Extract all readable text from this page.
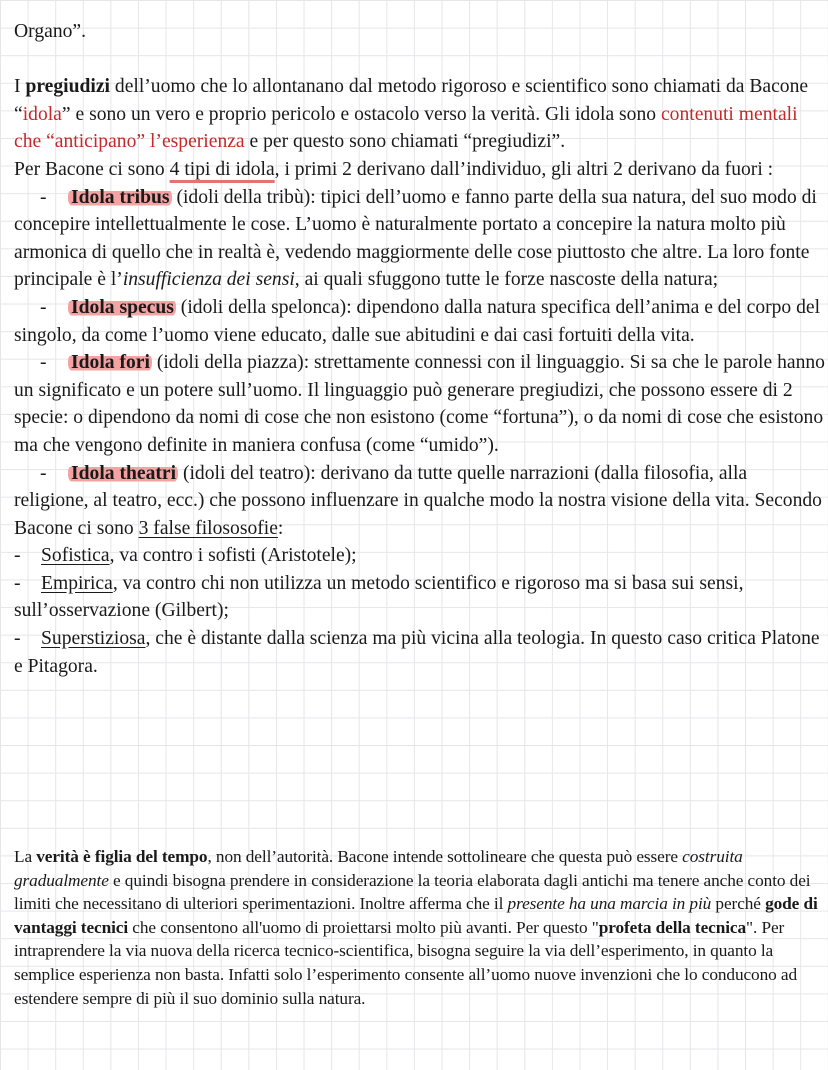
Organo”.

I pregiudizi dell’uomo che lo allontanano dal metodo rigoroso e scientifico sono chiamati da Bacone “idola” e sono un vero e proprio pericolo e ostacolo verso la verità. Gli idola sono contenuti mentali che “anticipano” l’esperienza e per questo sono chiamati “pregiudizi”.

Per Bacone ci sono 4 tipi di idola, i primi 2 derivano dall’individuo, gli altri 2 derivano da fuori :

- Idola tribus (idoli della tribù): tipici dell’uomo e fanno parte della sua natura, del suo modo di concepire intellettualmente le cose. L’uomo è naturalmente portato a concepire la natura molto più armonica di quello che in realtà è, vedendo maggiormente delle cose piuttosto che altre. La loro fonte principale è l’insufficienza dei sensi, ai quali sfuggono tutte le forze nascoste della natura;

- Idola specus (idoli della spelonca): dipendono dalla natura specifica dell’anima e del corpo del singolo, da come l’uomo viene educato, dalle sue abitudini e dai casi fortuiti della vita.

- Idola fori (idoli della piazza): strettamente connessi con il linguaggio. Si sa che le parole hanno un significato e un potere sull’uomo. Il linguaggio può generare pregiudizi, che possono essere di 2 specie: o dipendono da nomi di cose che non esistono (come “fortuna”), o da nomi di cose che esistono ma che vengono definite in maniera confusa (come “umido”).

- Idola theatri (idoli del teatro): derivano da tutte quelle narrazioni (dalla filosofia, alla religione, al teatro, ecc.) che possono influenzare in qualche modo la nostra visione della vita. Secondo Bacone ci sono 3 false filososofie:

- Sofistica, va contro i sofisti (Aristotele);

- Empirica, va contro chi non utilizza un metodo scientifico e rigoroso ma si basa sui sensi, sull’osservazione (Gilbert);

- Superstiziosa, che è distante dalla scienza ma più vicina alla teologia. In questo caso critica Platone e Pitagora.

La verità è figlia del tempo, non dell’autorità. Bacone intende sottolineare che questa può essere costruita gradualmente e quindi bisogna prendere in considerazione la teoria elaborata dagli antichi ma tenere anche conto dei limiti che necessitano di ulteriori sperimentazioni. Inoltre afferma che il presente ha una marcia in più perché gode di vantaggi tecnici che consentono all'uomo di proiettarsi molto più avanti. Per questo "profeta della tecnica". Per intraprendere la via nuova della ricerca tecnico-scientifica, bisogna seguire la via dell’esperimento, in quanto la semplice esperienza non basta. Infatti solo l’esperimento consente all’uomo nuove invenzioni che lo conducono ad estendere sempre di più il suo dominio sulla natura.
